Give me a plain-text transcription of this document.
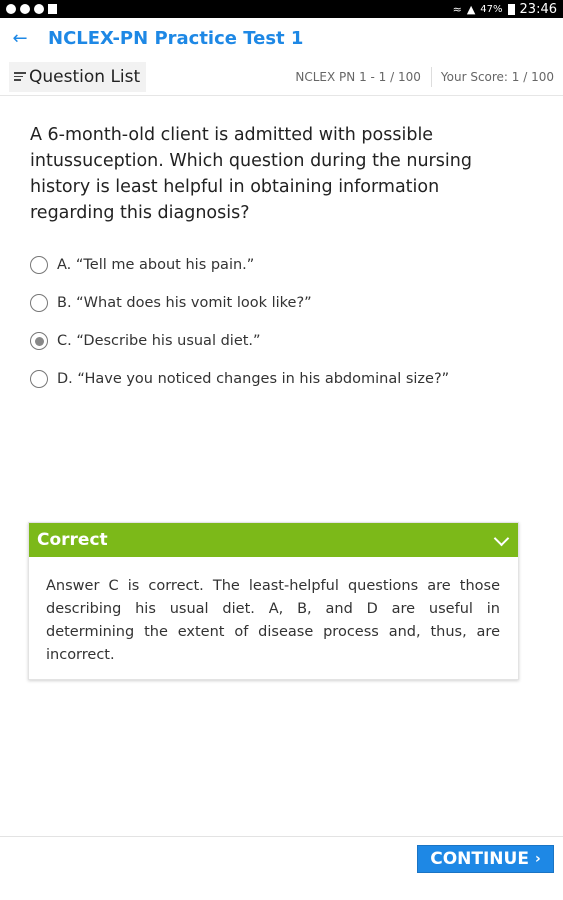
≈ ▲ 47% 23:46
←	NCLEX-PN Practice Test 1
Question List	NCLEX PN 1 - 1 / 100	Your Score: 1 / 100
A 6-month-old client is admitted with possible intussuception. Which question during the nursing history is least helpful in obtaining information regarding this diagnosis?
A. “Tell me about his pain.”
B. “What does his vomit look like?”
C. “Describe his usual diet.”
D. “Have you noticed changes in his abdominal size?”
Correct
Answer C is correct. The least-helpful questions are those describing his usual diet. A, B, and D are useful in determining the extent of disease process and, thus, are incorrect.
CONTINUE ›
